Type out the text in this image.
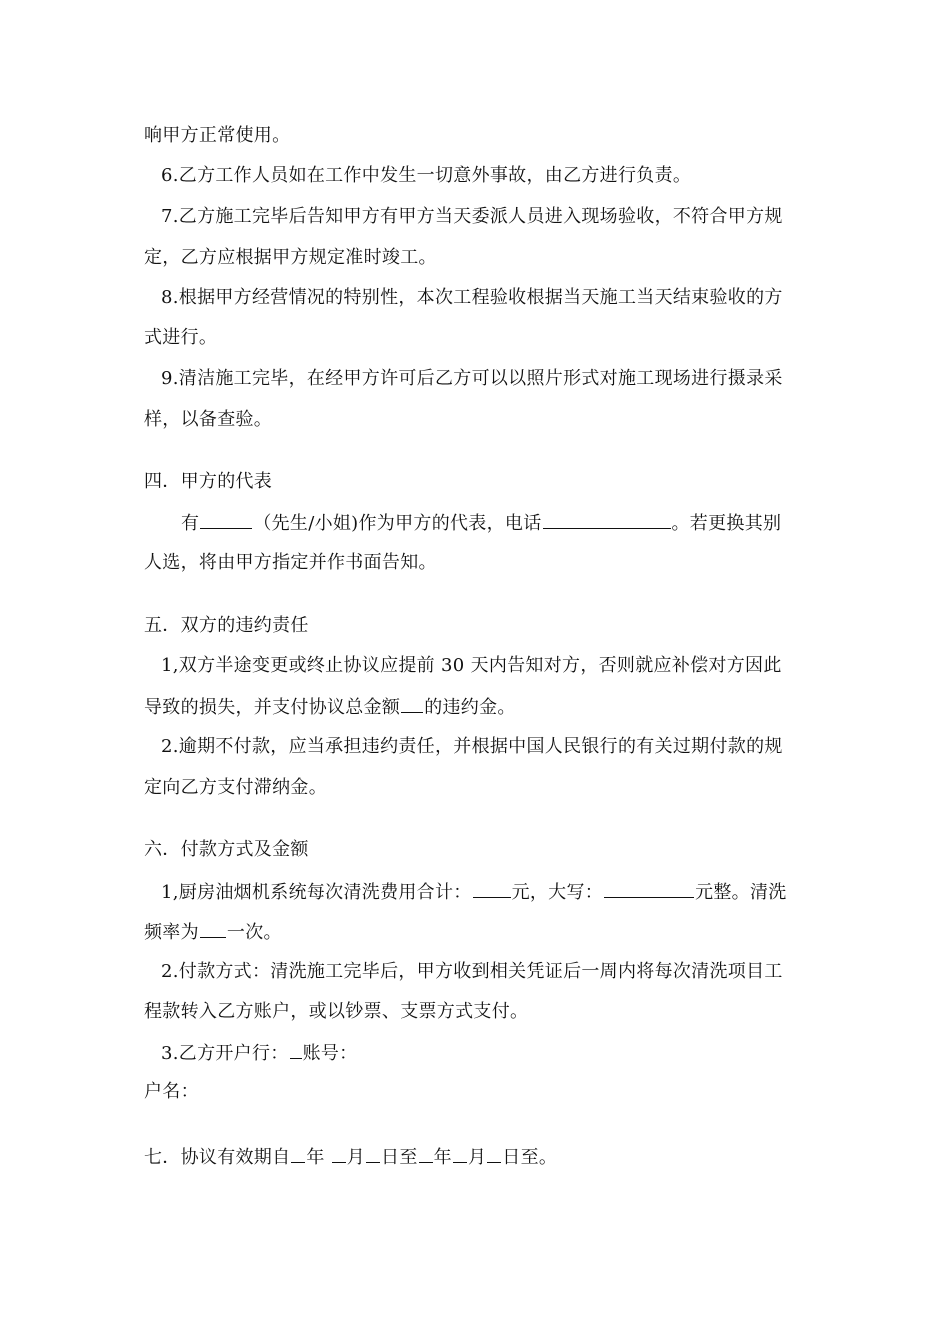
响甲方正常使用。
6.乙方工作人员如在工作中发生一切意外事故，由乙方进行负责。
7.乙方施工完毕后告知甲方有甲方当天委派人员进入现场验收，不符合甲方规
定，乙方应根据甲方规定准时竣工。
8.根据甲方经营情况的特别性，本次工程验收根据当天施工当天结束验收的方
式进行。
9.清洁施工完毕，在经甲方许可后乙方可以以照片形式对施工现场进行摄录采
样，以备查验。
四．甲方的代表
有	（先生/小姐)作为甲方的代表，电话	。若更换其别
人选，将由甲方指定并作书面告知。
五．双方的违约责任
1,双方半途变更或终止协议应提前 30 天内告知对方，否则就应补偿对方因此
导致的损失，并支付协议总金额 的违约金。
2.逾期不付款，应当承担违约责任，并根据中国人民银行的有关过期付款的规
定向乙方支付滞纳金。
六．付款方式及金额
1,厨房油烟机系统每次清洗费用合计： 元，大写：	元整。清洗
频率为 一次。
2.付款方式：清洗施工完毕后，甲方收到相关凭证后一周内将每次清洗项目工
程款转入乙方账户，或以钞票、支票方式支付。
3.乙方开户行： 账号：
户名：
七．协议有效期自 年 月 日至 年 月 日至。
